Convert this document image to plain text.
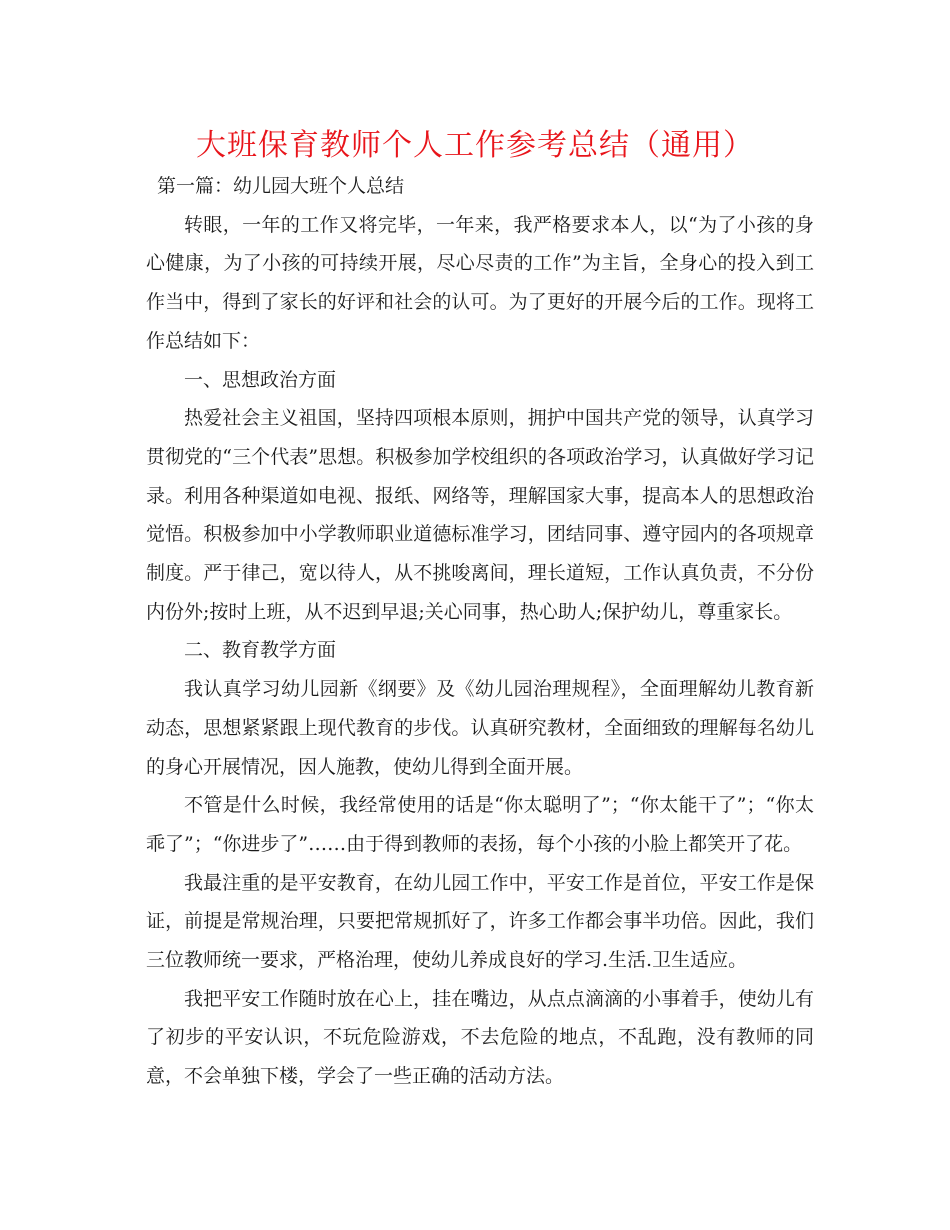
大班保育教师个人工作参考总结（通用）

第一篇：幼儿园大班个人总结

转眼，一年的工作又将完毕，一年来，我严格要求本人，以“为了小孩的身心健康，为了小孩的可持续开展，尽心尽责的工作”为主旨，全身心的投入到工作当中，得到了家长的好评和社会的认可。为了更好的开展今后的工作。现将工作总结如下：

一、思想政治方面

热爱社会主义祖国，坚持四项根本原则，拥护中国共产党的领导，认真学习贯彻党的“三个代表”思想。积极参加学校组织的各项政治学习，认真做好学习记录。利用各种渠道如电视、报纸、网络等，理解国家大事，提高本人的思想政治觉悟。积极参加中小学教师职业道德标准学习，团结同事、遵守园内的各项规章制度。严于律己，宽以待人，从不挑唆离间，理长道短，工作认真负责，不分份内份外;按时上班，从不迟到早退;关心同事，热心助人;保护幼儿，尊重家长。

二、教育教学方面

我认真学习幼儿园新《纲要》及《幼儿园治理规程》，全面理解幼儿教育新动态，思想紧紧跟上现代教育的步伐。认真研究教材，全面细致的理解每名幼儿的身心开展情况，因人施教，使幼儿得到全面开展。

不管是什么时候，我经常使用的话是“你太聪明了”；“你太能干了”；“你太乖了”；“你进步了”……由于得到教师的表扬，每个小孩的小脸上都笑开了花。

我最注重的是平安教育，在幼儿园工作中，平安工作是首位，平安工作是保证，前提是常规治理，只要把常规抓好了，许多工作都会事半功倍。因此，我们三位教师统一要求，严格治理，使幼儿养成良好的学习.生活.卫生适应。

我把平安工作随时放在心上，挂在嘴边，从点点滴滴的小事着手，使幼儿有了初步的平安认识，不玩危险游戏，不去危险的地点，不乱跑，没有教师的同意，不会单独下楼，学会了一些正确的活动方法。
